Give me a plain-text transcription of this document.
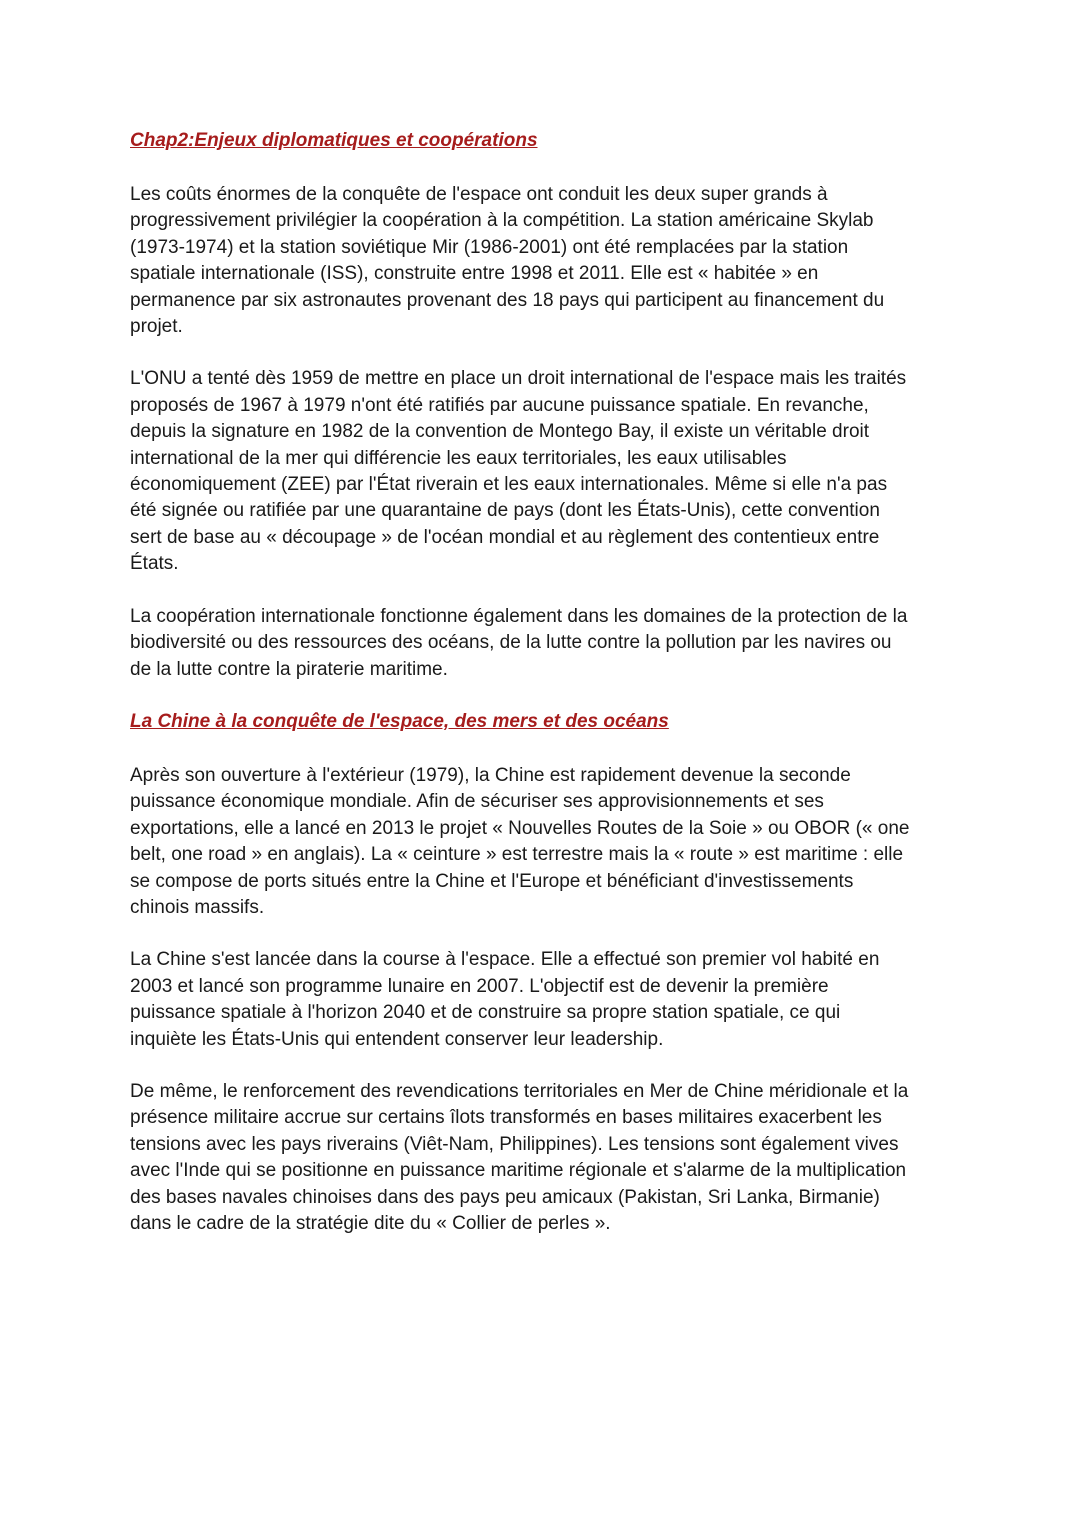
Chap2:Enjeux diplomatiques et coopérations

Les coûts énormes de la conquête de l'espace ont conduit les deux super grands à
progressivement privilégier la coopération à la compétition. La station américaine Skylab
(1973-1974) et la station soviétique Mir (1986-2001) ont été remplacées par la station
spatiale internationale (ISS), construite entre 1998 et 2011. Elle est « habitée » en
permanence par six astronautes provenant des 18 pays qui participent au financement du
projet.

L'ONU a tenté dès 1959 de mettre en place un droit international de l'espace mais les traités
proposés de 1967 à 1979 n'ont été ratifiés par aucune puissance spatiale. En revanche,
depuis la signature en 1982 de la convention de Montego Bay, il existe un véritable droit
international de la mer qui différencie les eaux territoriales, les eaux utilisables
économiquement (ZEE) par l'État riverain et les eaux internationales. Même si elle n'a pas
été signée ou ratifiée par une quarantaine de pays (dont les États-Unis), cette convention
sert de base au « découpage » de l'océan mondial et au règlement des contentieux entre
États.

La coopération internationale fonctionne également dans les domaines de la protection de la
biodiversité ou des ressources des océans, de la lutte contre la pollution par les navires ou
de la lutte contre la piraterie maritime.

La Chine à la conquête de l'espace, des mers et des océans

Après son ouverture à l'extérieur (1979), la Chine est rapidement devenue la seconde
puissance économique mondiale. Afin de sécuriser ses approvisionnements et ses
exportations, elle a lancé en 2013 le projet « Nouvelles Routes de la Soie » ou OBOR (« one
belt, one road » en anglais). La « ceinture » est terrestre mais la « route » est maritime : elle
se compose de ports situés entre la Chine et l'Europe et bénéficiant d'investissements
chinois massifs.

La Chine s'est lancée dans la course à l'espace. Elle a effectué son premier vol habité en
2003 et lancé son programme lunaire en 2007. L'objectif est de devenir la première
puissance spatiale à l'horizon 2040 et de construire sa propre station spatiale, ce qui
inquiète les États-Unis qui entendent conserver leur leadership.

De même, le renforcement des revendications territoriales en Mer de Chine méridionale et la
présence militaire accrue sur certains îlots transformés en bases militaires exacerbent les
tensions avec les pays riverains (Viêt-Nam, Philippines). Les tensions sont également vives
avec l'Inde qui se positionne en puissance maritime régionale et s'alarme de la multiplication
des bases navales chinoises dans des pays peu amicaux (Pakistan, Sri Lanka, Birmanie)
dans le cadre de la stratégie dite du « Collier de perles ».
